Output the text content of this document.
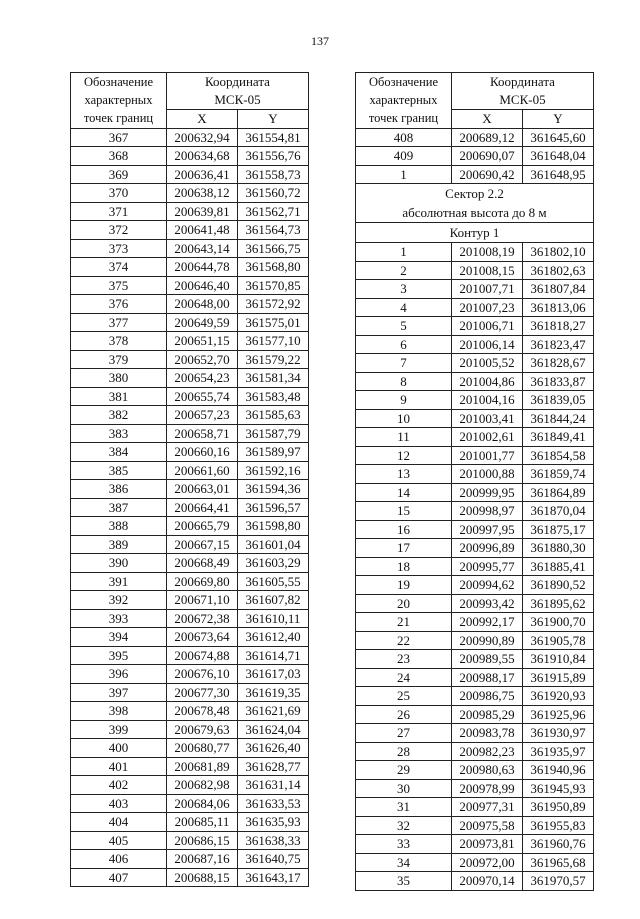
137
Обозначение
характерных
точек границ	Координата
МСК-05	
	X	Y
367	200632,94	361554,81
368	200634,68	361556,76
369	200636,41	361558,73
370	200638,12	361560,72
371	200639,81	361562,71
372	200641,48	361564,73
373	200643,14	361566,75
374	200644,78	361568,80
375	200646,40	361570,85
376	200648,00	361572,92
377	200649,59	361575,01
378	200651,15	361577,10
379	200652,70	361579,22
380	200654,23	361581,34
381	200655,74	361583,48
382	200657,23	361585,63
383	200658,71	361587,79
384	200660,16	361589,97
385	200661,60	361592,16
386	200663,01	361594,36
387	200664,41	361596,57
388	200665,79	361598,80
389	200667,15	361601,04
390	200668,49	361603,29
391	200669,80	361605,55
392	200671,10	361607,82
393	200672,38	361610,11
394	200673,64	361612,40
395	200674,88	361614,71
396	200676,10	361617,03
397	200677,30	361619,35
398	200678,48	361621,69
399	200679,63	361624,04
400	200680,77	361626,40
401	200681,89	361628,77
402	200682,98	361631,14
403	200684,06	361633,53
404	200685,11	361635,93
405	200686,15	361638,33
406	200687,16	361640,75
407	200688,15	361643,17
Обозначение
характерных
точек границ	Координата
МСК-05	
	X	Y
408	200689,12	361645,60
409	200690,07	361648,04
1	200690,42	361648,95
Сектор 2.2
абсолютная высота до 8 м		
Контур 1		
1	201008,19	361802,10
2	201008,15	361802,63
3	201007,71	361807,84
4	201007,23	361813,06
5	201006,71	361818,27
6	201006,14	361823,47
7	201005,52	361828,67
8	201004,86	361833,87
9	201004,16	361839,05
10	201003,41	361844,24
11	201002,61	361849,41
12	201001,77	361854,58
13	201000,88	361859,74
14	200999,95	361864,89
15	200998,97	361870,04
16	200997,95	361875,17
17	200996,89	361880,30
18	200995,77	361885,41
19	200994,62	361890,52
20	200993,42	361895,62
21	200992,17	361900,70
22	200990,89	361905,78
23	200989,55	361910,84
24	200988,17	361915,89
25	200986,75	361920,93
26	200985,29	361925,96
27	200983,78	361930,97
28	200982,23	361935,97
29	200980,63	361940,96
30	200978,99	361945,93
31	200977,31	361950,89
32	200975,58	361955,83
33	200973,81	361960,76
34	200972,00	361965,68
35	200970,14	361970,57
